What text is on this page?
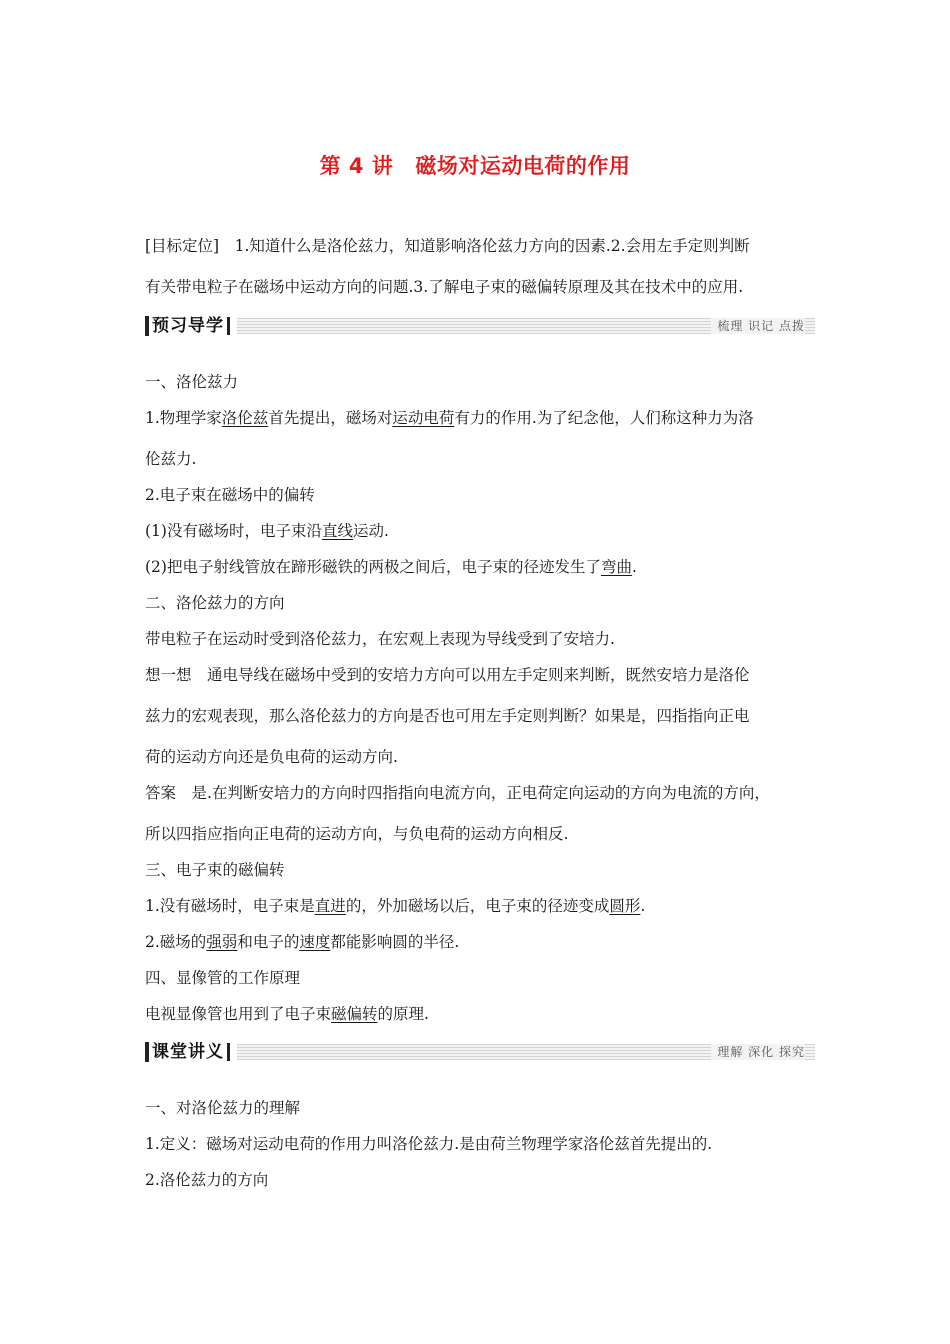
第 4 讲 磁场对运动电荷的作用
[目标定位]　1.知道什么是洛伦兹力，知道影响洛伦兹力方向的因素.2.会用左手定则判断
有关带电粒子在磁场中运动方向的问题.3.了解电子束的磁偏转原理及其在技术中的应用.
预习导学	梳理 识记 点拨
一、洛伦兹力
1.物理学家洛伦兹首先提出，磁场对运动电荷有力的作用.为了纪念他，人们称这种力为洛
伦兹力.
2.电子束在磁场中的偏转
(1)没有磁场时，电子束沿直线运动.
(2)把电子射线管放在蹄形磁铁的两极之间后，电子束的径迹发生了弯曲.
二、洛伦兹力的方向
带电粒子在运动时受到洛伦兹力，在宏观上表现为导线受到了安培力.
想一想　通电导线在磁场中受到的安培力方向可以用左手定则来判断，既然安培力是洛伦
兹力的宏观表现，那么洛伦兹力的方向是否也可用左手定则判断？如果是，四指指向正电
荷的运动方向还是负电荷的运动方向.
答案　是.在判断安培力的方向时四指指向电流方向，正电荷定向运动的方向为电流的方向，
所以四指应指向正电荷的运动方向，与负电荷的运动方向相反.
三、电子束的磁偏转
1.没有磁场时，电子束是直进的，外加磁场以后，电子束的径迹变成圆形.
2.磁场的强弱和电子的速度都能影响圆的半径.
四、显像管的工作原理
电视显像管也用到了电子束磁偏转的原理.
课堂讲义	理解 深化 探究
一、对洛伦兹力的理解
1.定义：磁场对运动电荷的作用力叫洛伦兹力.是由荷兰物理学家洛伦兹首先提出的.
2.洛伦兹力的方向
